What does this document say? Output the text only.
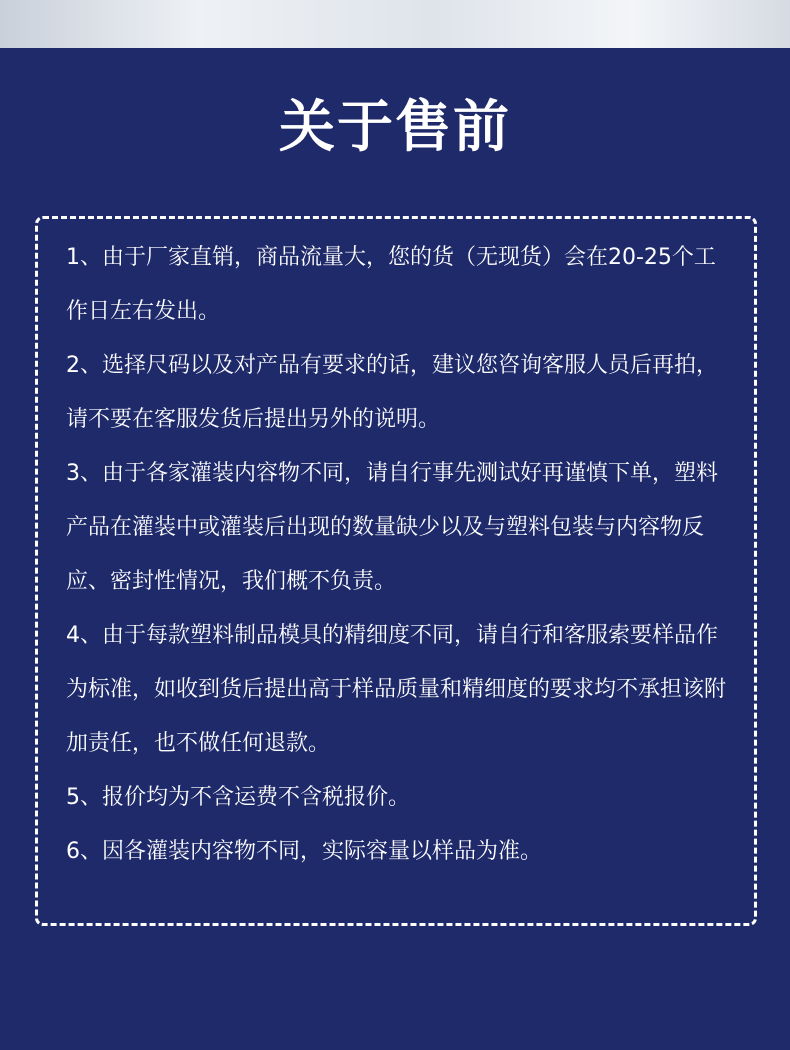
关于售前
1、由于厂家直销，商品流量大，您的货（无现货）会在20-25个工作日左右发出。
2、选择尺码以及对产品有要求的话，建议您咨询客服人员后再拍，请不要在客服发货后提出另外的说明。
3、由于各家灌装内容物不同，请自行事先测试好再谨慎下单，塑料产品在灌装中或灌装后出现的数量缺少以及与塑料包装与内容物反应、密封性情况，我们概不负责。
4、由于每款塑料制品模具的精细度不同，请自行和客服索要样品作为标准，如收到货后提出高于样品质量和精细度的要求均不承担该附加责任，也不做任何退款。
5、报价均为不含运费不含税报价。
6、因各灌装内容物不同，实际容量以样品为准。
